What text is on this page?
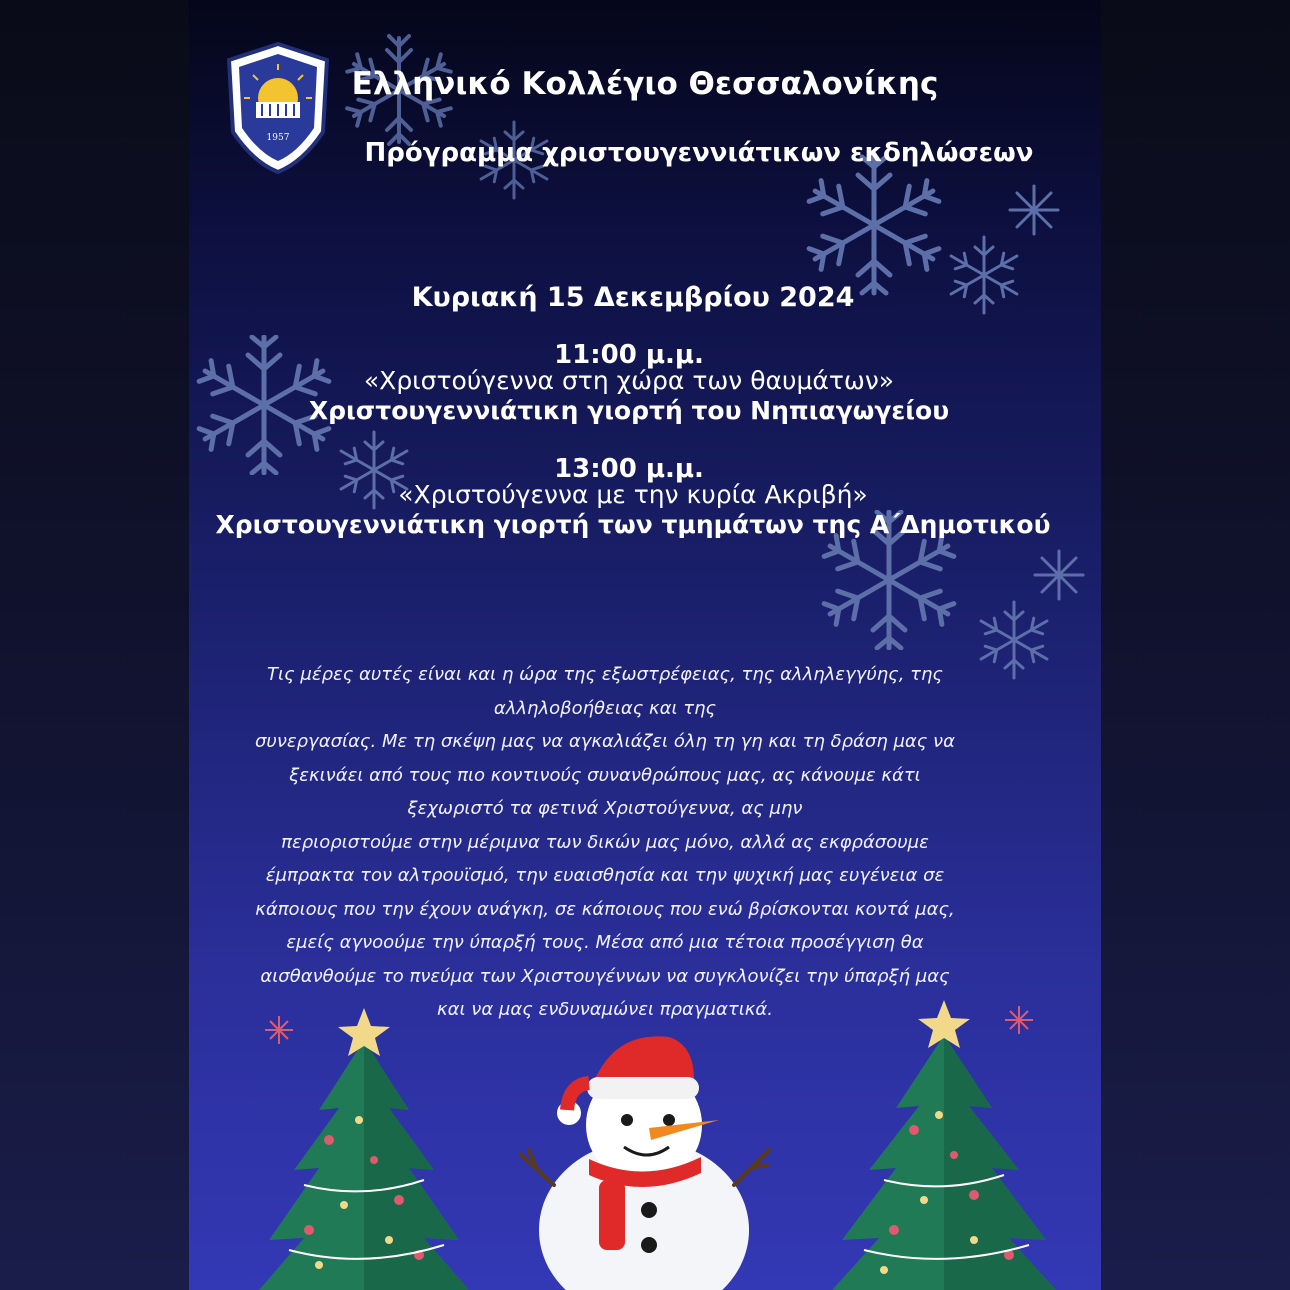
1957
Ελληνικό Κολλέγιο Θεσσαλονίκης
Πρόγραμμα χριστουγεννιάτικων εκδηλώσεων
Κυριακή 15 Δεκεμβρίου 2024
11:00 μ.μ.
«Χριστούγεννα στη χώρα των θαυμάτων»
Χριστουγεννιάτικη γιορτή του Νηπιαγωγείου
13:00 μ.μ.
«Χριστούγεννα με την κυρία Ακριβή»
Χριστουγεννιάτικη γιορτή των τμημάτων της Α΄Δημοτικού
Τις μέρες αυτές είναι και η ώρα της εξωστρέφειας, της αλληλεγγύης, της
αλληλοβοήθειας και της
συνεργασίας. Με τη σκέψη μας να αγκαλιάζει όλη τη γη και τη δράση μας να
ξεκινάει από τους πιο κοντινούς συνανθρώπους μας, ας κάνουμε κάτι
ξεχωριστό τα φετινά Χριστούγεννα, ας μην
περιοριστούμε στην μέριμνα των δικών μας μόνο, αλλά ας εκφράσουμε
έμπρακτα τον αλτρουϊσμό, την ευαισθησία και την ψυχική μας ευγένεια σε
κάποιους που την έχουν ανάγκη, σε κάποιους που ενώ βρίσκονται κοντά μας,
εμείς αγνοούμε την ύπαρξή τους. Μέσα από μια τέτοια προσέγγιση θα
αισθανθούμε το πνεύμα των Χριστουγέννων να συγκλονίζει την ύπαρξή μας
και να μας ενδυναμώνει πραγματικά.
